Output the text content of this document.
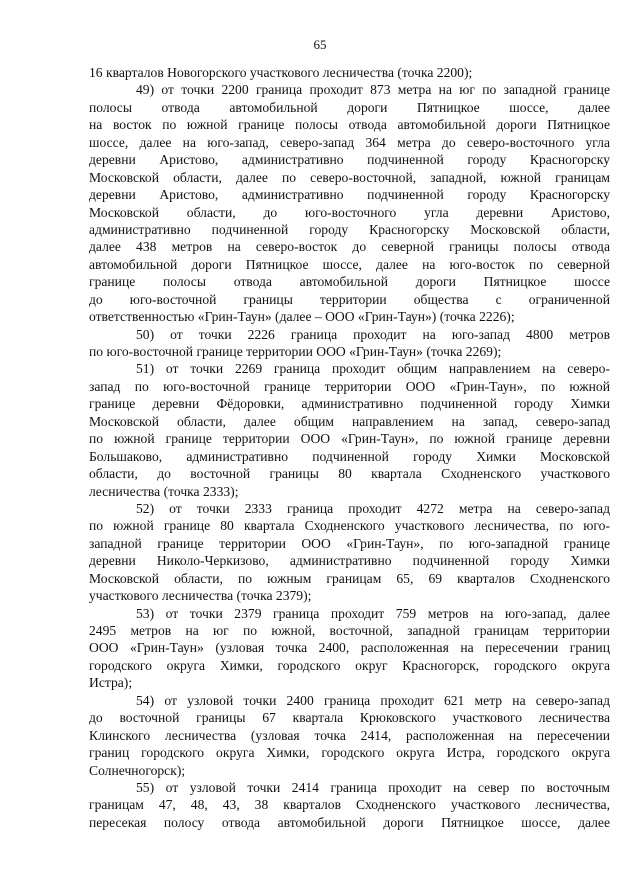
65
16 кварталов Новогорского участкового лесничества (точка 2200);
49) от точки 2200 граница проходит 873 метра на юг по западной границе
полосы отвода автомобильной дороги Пятницкое шоссе, далее
на восток по южной границе полосы отвода автомобильной дороги Пятницкое
шоссе, далее на юго-запад, северо-запад 364 метра до северо-восточного угла
деревни Аристово, административно подчиненной городу Красногорску
Московской области, далее по северо-восточной, западной, южной границам
деревни Аристово, административно подчиненной городу Красногорску
Московской области, до юго-восточного угла деревни Аристово,
административно подчиненной городу Красногорску Московской области,
далее 438 метров на северо-восток до северной границы полосы отвода
автомобильной дороги Пятницкое шоссе, далее на юго-восток по северной
границе полосы отвода автомобильной дороги Пятницкое шоссе
до юго-восточной границы территории общества с ограниченной
ответственностью «Грин-Таун» (далее – ООО «Грин-Таун») (точка 2226);
50) от точки 2226 граница проходит на юго-запад 4800 метров
по юго-восточной границе территории ООО «Грин-Таун» (точка 2269);
51) от точки 2269 граница проходит общим направлением на северо-
запад по юго-восточной границе территории ООО «Грин-Таун», по южной
границе деревни Фёдоровки, административно подчиненной городу Химки
Московской области, далее общим направлением на запад, северо-запад
по южной границе территории ООО «Грин-Таун», по южной границе деревни
Большаково, административно подчиненной городу Химки Московской
области, до восточной границы 80 квартала Сходненского участкового
лесничества (точка 2333);
52) от точки 2333 граница проходит 4272 метра на северо-запад
по южной границе 80 квартала Сходненского участкового лесничества, по юго-
западной границе территории ООО «Грин-Таун», по юго-западной границе
деревни Николо-Черкизово, административно подчиненной городу Химки
Московской области, по южным границам 65, 69 кварталов Сходненского
участкового лесничества (точка 2379);
53) от точки 2379 граница проходит 759 метров на юго-запад, далее
2495 метров на юг по южной, восточной, западной границам территории
ООО «Грин-Таун» (узловая точка 2400, расположенная на пересечении границ
городского округа Химки, городского округ Красногорск, городского округа
Истра);
54) от узловой точки 2400 граница проходит 621 метр на северо-запад
до восточной границы 67 квартала Крюковского участкового лесничества
Клинского лесничества (узловая точка 2414, расположенная на пересечении
границ городского округа Химки, городского округа Истра, городского округа
Солнечногорск);
55) от узловой точки 2414 граница проходит на север по восточным
границам 47, 48, 43, 38 кварталов Сходненского участкового лесничества,
пересекая полосу отвода автомобильной дороги Пятницкое шоссе, далее
